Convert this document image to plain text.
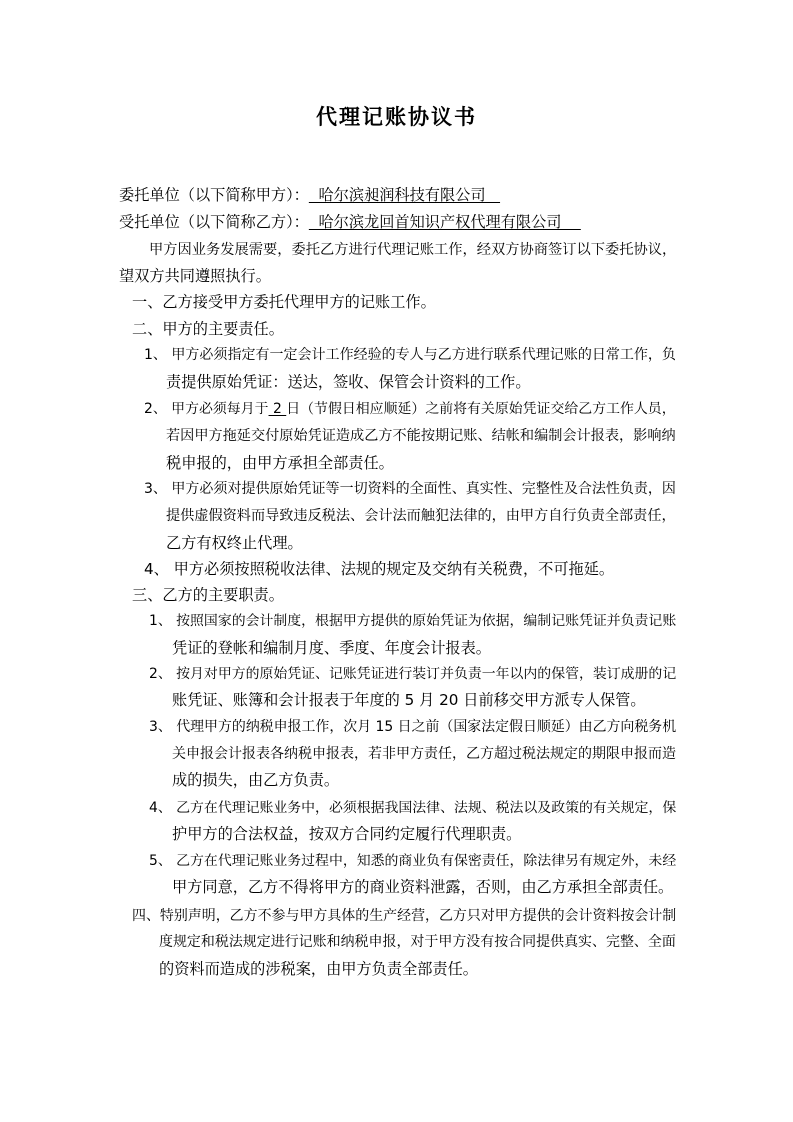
代理记账协议书
委托单位（以下简称甲方）：  哈尔滨昶润科技有限公司
受托单位（以下简称乙方）：  哈尔滨龙回首知识产权代理有限公司
甲方因业务发展需要，委托乙方进行代理记账工作，经双方协商签订以下委托协议，
望双方共同遵照执行。
一、乙方接受甲方委托代理甲方的记账工作。
二、甲方的主要责任。
1、 甲方必须指定有一定会计工作经验的专人与乙方进行联系代理记账的日常工作，负
责提供原始凭证：送达，签收、保管会计资料的工作。
2、 甲方必须每月于 2 日（节假日相应顺延）之前将有关原始凭证交给乙方工作人员，
若因甲方拖延交付原始凭证造成乙方不能按期记账、结帐和编制会计报表，影响纳
税申报的，由甲方承担全部责任。
3、 甲方必须对提供原始凭证等一切资料的全面性、真实性、完整性及合法性负责，因
提供虚假资料而导致违反税法、会计法而触犯法律的，由甲方自行负责全部责任，
乙方有权终止代理。
4、 甲方必须按照税收法律、法规的规定及交纳有关税费，不可拖延。
三、乙方的主要职责。
1、 按照国家的会计制度，根据甲方提供的原始凭证为依据，编制记账凭证并负责记账
凭证的登帐和编制月度、季度、年度会计报表。
2、 按月对甲方的原始凭证、记账凭证进行装订并负责一年以内的保管，装订成册的记
账凭证、账簿和会计报表于年度的 5 月 20 日前移交甲方派专人保管。
3、 代理甲方的纳税申报工作，次月 15 日之前（国家法定假日顺延）由乙方向税务机
关申报会计报表各纳税申报表，若非甲方责任，乙方超过税法规定的期限申报而造
成的损失，由乙方负责。
4、 乙方在代理记账业务中，必须根据我国法律、法规、税法以及政策的有关规定，保
护甲方的合法权益，按双方合同约定履行代理职责。
5、 乙方在代理记账业务过程中，知悉的商业负有保密责任，除法律另有规定外，未经
甲方同意，乙方不得将甲方的商业资料泄露，否则，由乙方承担全部责任。
四、特别声明，乙方不参与甲方具体的生产经营，乙方只对甲方提供的会计资料按会计制
度规定和税法规定进行记账和纳税申报，对于甲方没有按合同提供真实、完整、全面
的资料而造成的涉税案，由甲方负责全部责任。
